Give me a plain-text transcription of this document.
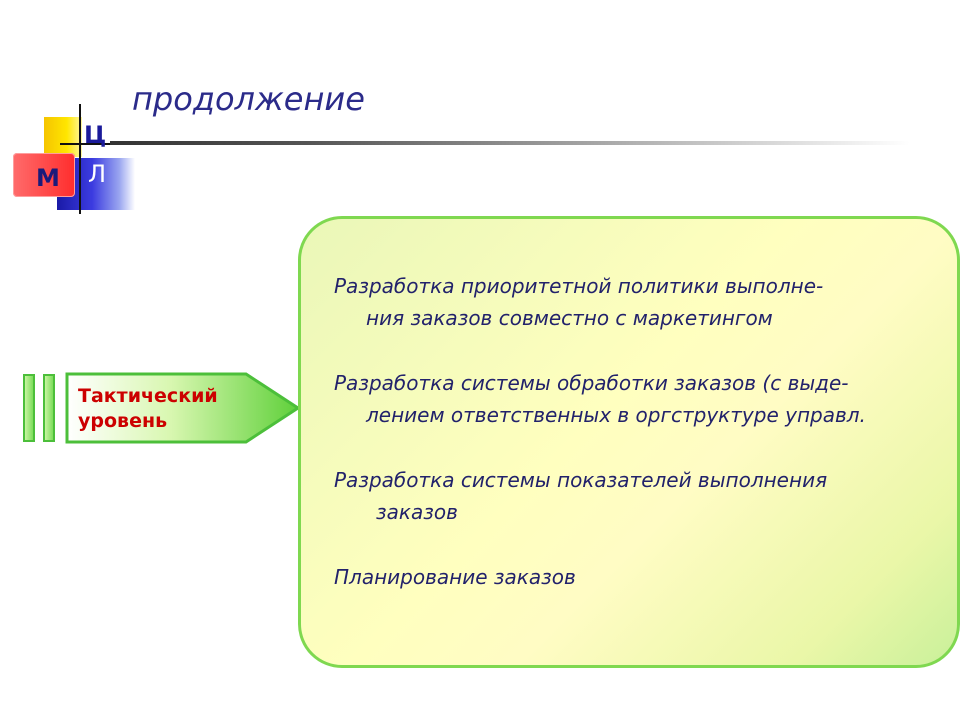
Ц
М Л
продолжение
Тактический
уровень
Разработка приоритетной политики выполне-
ния заказов совместно с маркетингом
Разработка системы обработки заказов (с выде-
лением ответственных в оргструктуре управл.
Разработка системы показателей выполнения
заказов
Планирование заказов
